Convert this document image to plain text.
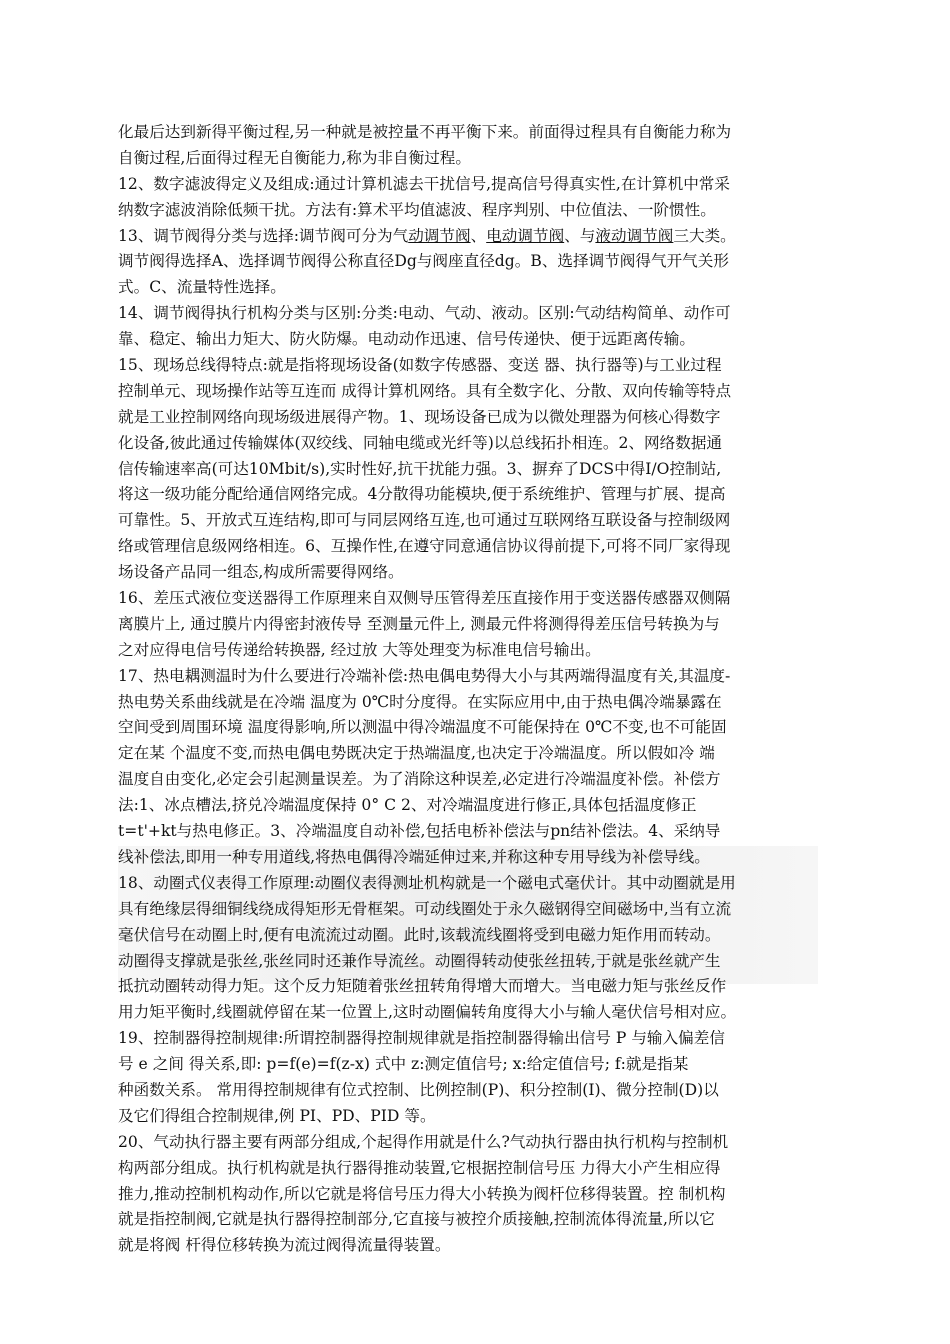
化最后达到新得平衡过程,另一种就是被控量不再平衡下来。前面得过程具有自衡能力称为
自衡过程,后面得过程无自衡能力,称为非自衡过程。
12、数字滤波得定义及组成:通过计算机滤去干扰信号,提高信号得真实性,在计算机中常采
纳数字滤波消除低频干扰。方法有:算术平均值滤波、程序判别、中位值法、一阶惯性。
13、调节阀得分类与选择:调节阀可分为气动调节阀、电动调节阀、与液动调节阀三大类。
调节阀得选择A、选择调节阀得公称直径Dg与阀座直径dg。B、选择调节阀得气开气关形
式。C、流量特性选择。
14、调节阀得执行机构分类与区别:分类:电动、气动、液动。区别:气动结构简单、动作可
靠、稳定、输出力矩大、防火防爆。电动动作迅速、信号传递快、便于远距离传输。
15、现场总线得特点:就是指将现场设备(如数字传感器、变送 器、执行器等)与工业过程
控制单元、现场操作站等互连而 成得计算机网络。具有全数字化、分散、双向传输等特点
就是工业控制网络向现场级进展得产物。1、现场设备已成为以微处理器为何核心得数字
化设备,彼此通过传输媒体(双绞线、同轴电缆或光纤等)以总线拓扑相连。2、网络数据通
信传输速率高(可达10Mbit/s),实时性好,抗干扰能力强。3、摒弃了DCS中得I/O控制站,
将这一级功能分配给通信网络完成。4分散得功能模块,便于系统维护、管理与扩展、提高
可靠性。5、开放式互连结构,即可与同层网络互连,也可通过互联网络互联设备与控制级网
络或管理信息级网络相连。6、互操作性,在遵守同意通信协议得前提下,可将不同厂家得现
场设备产品同一组态,构成所需要得网络。
16、差压式液位变送器得工作原理来自双侧导压管得差压直接作用于变送器传感器双侧隔
离膜片上, 通过膜片内得密封液传导 至测量元件上, 测最元件将测得得差压信号转换为与
之对应得电信号传递给转换器, 经过放 大等处理变为标准电信号输出。
17、热电耦测温时为什么要进行冷端补偿:热电偶电势得大小与其两端得温度有关,其温度-
热电势关系曲线就是在冷端 温度为 0℃时分度得。在实际应用中,由于热电偶冷端暴露在
空间受到周围环境 温度得影响,所以测温中得冷端温度不可能保持在 0℃不变,也不可能固
定在某 个温度不变,而热电偶电势既决定于热端温度,也决定于冷端温度。所以假如冷 端
温度自由变化,必定会引起测量误差。为了消除这种误差,必定进行冷端温度补偿。补偿方
法:1、冰点槽法,挤兑冷端温度保持 0° C 2、对冷端温度进行修正,具体包括温度修正
t=t'+kt与热电修正。3、冷端温度自动补偿,包括电桥补偿法与pn结补偿法。4、采纳导
线补偿法,即用一种专用道线,将热电偶得冷端延伸过来,并称这种专用导线为补偿导线。
18、动圈式仪表得工作原理:动圈仪表得测址机构就是一个磁电式毫伏计。其中动圈就是用
具有绝缘层得细铜线绕成得矩形无骨框架。可动线圈处于永久磁钢得空间磁场中,当有立流
毫伏信号在动圈上时,便有电流流过动圈。此时,该载流线圈将受到电磁力矩作用而转动。
动圈得支撑就是张丝,张丝同时还兼作导流丝。动圈得转动使张丝扭转,于就是张丝就产生
抵抗动圈转动得力矩。这个反力矩随着张丝扭转角得增大而增大。当电磁力矩与张丝反作
用力矩平衡时,线圈就停留在某一位置上,这时动圈偏转角度得大小与输人毫伏信号相对应。
19、控制器得控制规律:所谓控制器得控制规律就是指控制器得输出信号 P 与输入偏差信
号 e 之间 得关系,即: p=f(e)=f(z-x) 式中 z:测定值信号; x:给定值信号; f:就是指某
种函数关系。 常用得控制规律有位式控制、比例控制(P)、积分控制(I)、微分控制(D)以
及它们得组合控制规律,例 PI、PD、PID 等。
20、气动执行器主要有两部分组成,个起得作用就是什么?气动执行器由执行机构与控制机
构两部分组成。执行机构就是执行器得推动装置,它根据控制信号压 力得大小产生相应得
推力,推动控制机构动作,所以它就是将信号压力得大小转换为阀杆位移得装置。控 制机构
就是指控制阀,它就是执行器得控制部分,它直接与被控介质接触,控制流体得流量,所以它
就是将阀 杆得位移转换为流过阀得流量得装置。
